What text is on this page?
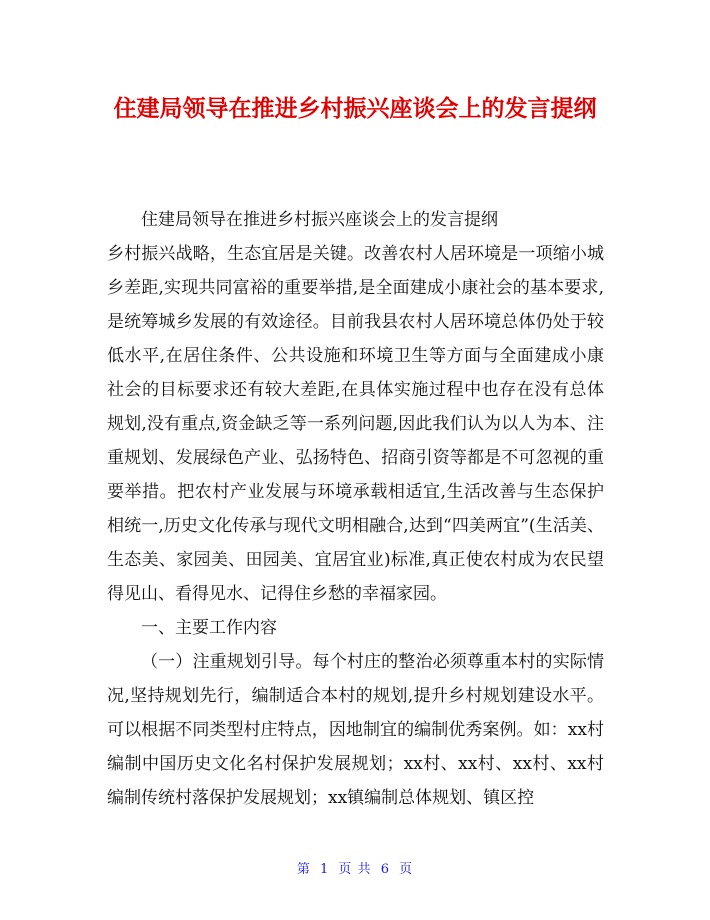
住建局领导在推进乡村振兴座谈会上的发言提纲

住建局领导在推进乡村振兴座谈会上的发言提纲

乡村振兴战略，生态宜居是关键。改善农村人居环境是一项缩小城乡差距,实现共同富裕的重要举措,是全面建成小康社会的基本要求,是统筹城乡发展的有效途径。目前我县农村人居环境总体仍处于较低水平,在居住条件、公共设施和环境卫生等方面与全面建成小康社会的目标要求还有较大差距,在具体实施过程中也存在没有总体规划,没有重点,资金缺乏等一系列问题,因此我们认为以人为本、注重规划、发展绿色产业、弘扬特色、招商引资等都是不可忽视的重要举措。把农村产业发展与环境承载相适宜,生活改善与生态保护相统一,历史文化传承与现代文明相融合,达到“四美两宜”(生活美、生态美、家园美、田园美、宜居宜业)标准,真正使农村成为农民望得见山、看得见水、记得住乡愁的幸福家园。

一、主要工作内容

（一）注重规划引导。每个村庄的整治必须尊重本村的实际情况,坚持规划先行，编制适合本村的规划,提升乡村规划建设水平。可以根据不同类型村庄特点，因地制宜的编制优秀案例。如：xx村编制中国历史文化名村保护发展规划；xx村、xx村、xx村、xx村编制传统村落保护发展规划；xx镇编制总体规划、镇区控

第 1 页 共 6 页
